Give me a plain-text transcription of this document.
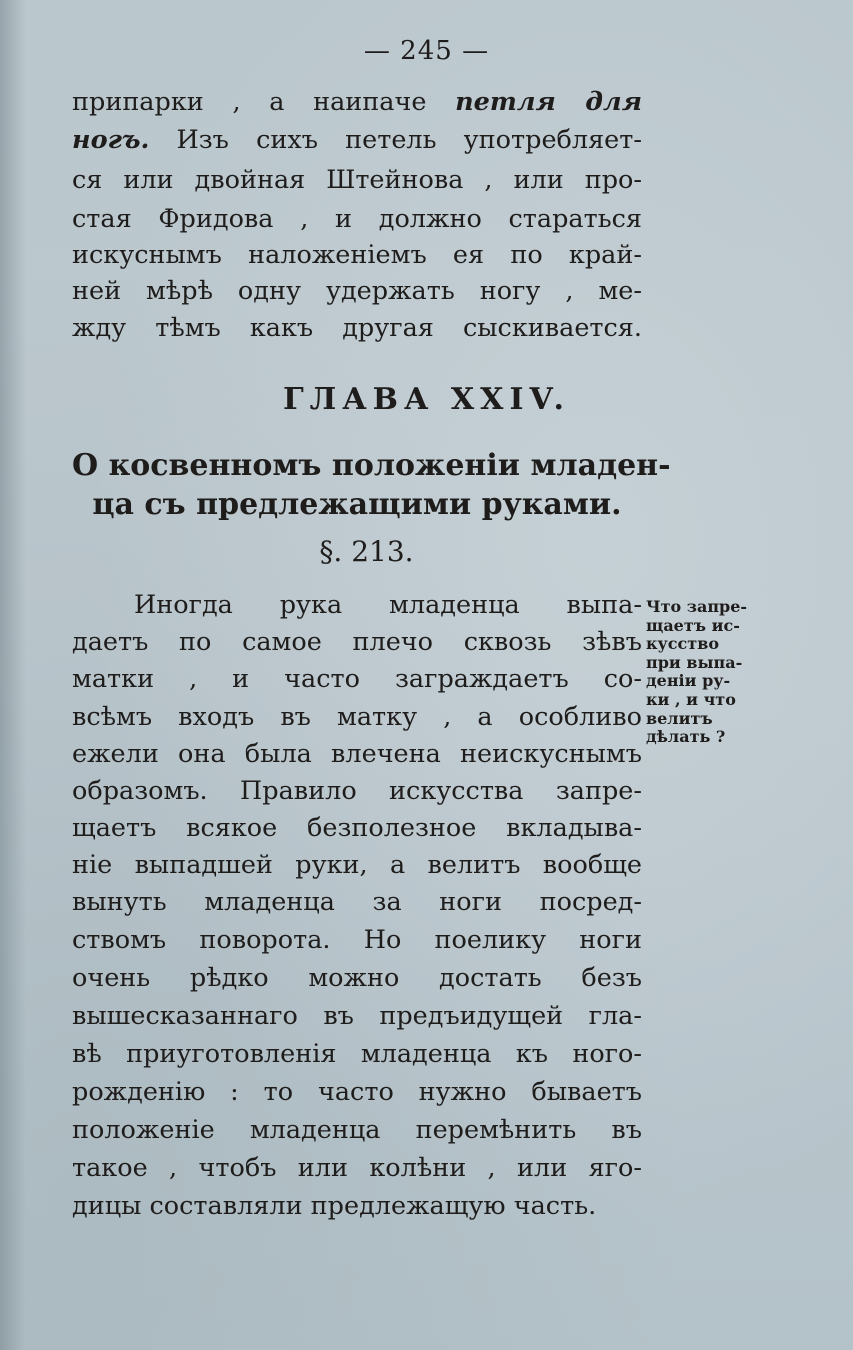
— 245 —
припарки , а наипаче петля для
ногъ. Изъ сихъ петель употребляет-
ся или двойная Штейнова , или про-
стая Фридова , и должно стараться
искуснымъ наложеніемъ ея по край-
ней мѣрѣ одну удержать ногу , ме-
жду тѣмъ какъ другая сыскивается.
ГЛАВА XXIV.
О косвенномъ положеніи младен-
ца съ предлежащими руками.
§. 213.
Иногда рука младенца выпа-
даетъ по самое плечо сквозь зѣвъ
матки , и часто заграждаетъ со-
всѣмъ входъ въ матку , а особливо
ежели она была влечена неискуснымъ
образомъ. Правило искусства запре-
щаетъ всякое безполезное вкладыва-
ніе выпадшей руки, а велитъ вообще
вынуть младенца за ноги посред-
ствомъ поворота. Но поелику ноги
очень рѣдко можно достать безъ
вышесказаннаго въ предъидущей гла-
вѣ приуготовленія младенца къ ного-
рожденію : то часто нужно бываетъ
положеніе младенца перемѣнить въ
такое , чтобъ или колѣни , или яго-
дицы составляли предлежащую часть.
Что запре-
щаетъ ис-
кусство
при выпа-
деніи ру-
ки , и что
велитъ
дѣлать ?
